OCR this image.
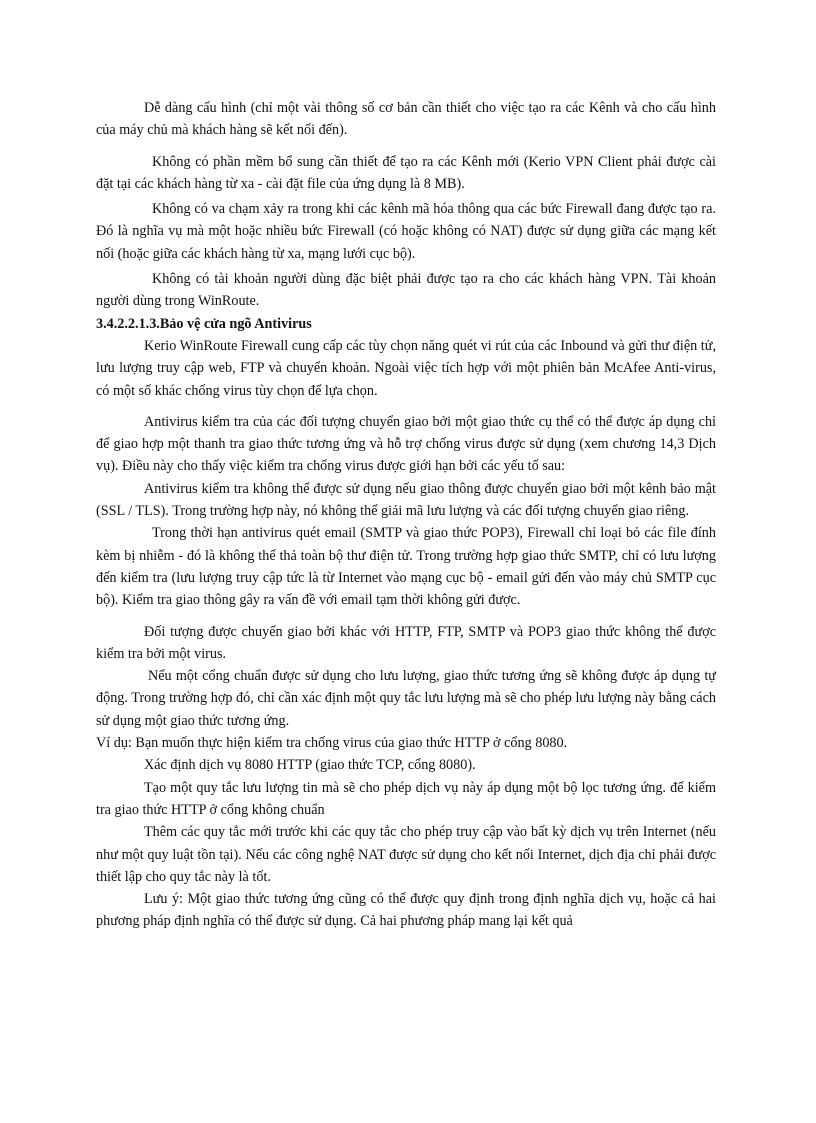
Dễ dàng cấu hình (chỉ một vài thông số cơ bản cần thiết cho việc tạo ra các Kênh và cho cấu hình của máy chủ mà khách hàng sẽ kết nối đến).

Không có phần mềm bổ sung cần thiết để tạo ra các Kênh mới (Kerio VPN Client phải được cài đặt tại các khách hàng từ xa - cài đặt file của ứng dụng là 8 MB).

Không có va chạm xảy ra trong khi các kênh mã hóa thông qua các bức Firewall đang được tạo ra. Đó là nghĩa vụ mà một hoặc nhiều bức Firewall (có hoặc không có NAT) được sử dụng giữa các mạng kết nối (hoặc giữa các khách hàng từ xa, mạng lưới cục bộ).

Không có tài khoản người dùng đặc biệt phải được tạo ra cho các khách hàng VPN. Tài khoản người dùng trong WinRoute.

3.4.2.2.1.3.Bảo vệ cửa ngõ Antivirus

Kerio WinRoute Firewall cung cấp các tùy chọn năng quét vi rút của các Inbound và gửi thư điện tử, lưu lượng truy cập web, FTP và chuyển khoản. Ngoài việc tích hợp với một phiên bản McAfee Anti-virus, có một số khác chống virus tùy chọn để lựa chọn.

Antivirus kiểm tra của các đối tượng chuyển giao bởi một giao thức cụ thể có thể được áp dụng chỉ để giao hợp một thanh tra giao thức tương ứng và hỗ trợ chống virus được sử dụng (xem chương 14,3 Dịch vụ). Điều này cho thấy việc kiểm tra chống virus được giới hạn bởi các yếu tố sau:

Antivirus kiểm tra không thể được sử dụng nếu giao thông được chuyển giao bởi một kênh bảo mật (SSL / TLS). Trong trường hợp này, nó không thể giải mã lưu lượng và các đối tượng chuyển giao riêng.

Trong thời hạn antivirus quét email (SMTP và giao thức POP3), Firewall chỉ loại bỏ các file đính kèm bị nhiễm - đó là không thể thả toàn bộ thư điện tử. Trong trường hợp giao thức SMTP, chỉ có lưu lượng đến kiểm tra (lưu lượng truy cập tức là từ Internet vào mạng cục bộ - email gửi đến vào máy chủ SMTP cục bộ). Kiểm tra giao thông gây ra vấn đề với email tạm thời không gửi được.

Đối tượng được chuyển giao bởi khác với HTTP, FTP, SMTP và POP3 giao thức không thể được kiểm tra bởi một virus.

Nếu một cổng chuẩn được sử dụng cho lưu lượng, giao thức tương ứng sẽ không được áp dụng tự động. Trong trường hợp đó, chỉ cần xác định một quy tắc lưu lượng mà sẽ cho phép lưu lượng này bằng cách sử dụng một giao thức tương ứng.

Ví dụ: Bạn muốn thực hiện kiểm tra chống virus của giao thức HTTP ở cổng 8080.

Xác định dịch vụ 8080 HTTP (giao thức TCP, cổng 8080).

Tạo một quy tắc lưu lượng tin mà sẽ cho phép dịch vụ này áp dụng một bộ lọc tương ứng. để kiểm tra giao thức HTTP ở cổng không chuẩn

Thêm các quy tắc mới trước khi các quy tắc cho phép truy cập vào bất kỳ dịch vụ trên Internet (nếu như một quy luật tồn tại). Nếu các công nghệ NAT được sử dụng cho kết nối Internet, dịch địa chỉ phải được thiết lập cho quy tắc này là tốt.

Lưu ý: Một giao thức tương ứng cũng có thể được quy định trong định nghĩa dịch vụ, hoặc cả hai phương pháp định nghĩa có thể được sử dụng. Cả hai phương pháp mang lại kết quả
